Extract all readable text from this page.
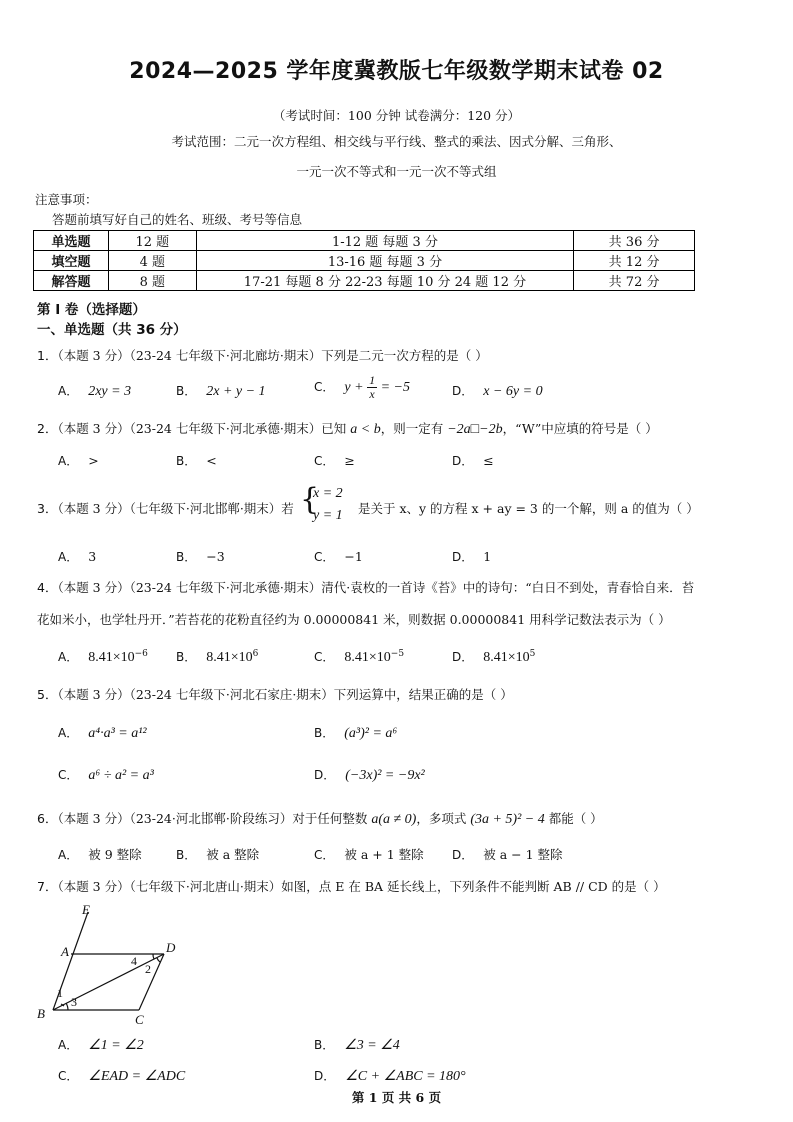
2024—2025 学年度冀教版七年级数学期末试卷 02
（考试时间：100 分钟 试卷满分：120 分）
考试范围：二元一次方程组、相交线与平行线、整式的乘法、因式分解、三角形、
一元一次不等式和一元一次不等式组
注意事项：
答题前填写好自己的姓名、班级、考号等信息
单选题	12 题	1-12 题 每题 3 分	共 36 分
填空题	4 题	13-16 题 每题 3 分	共 12 分
解答题	8 题	17-21 每题 8 分 22-23 每题 10 分 24 题 12 分	共 72 分
第 I 卷（选择题）
一、单选题（共 36 分）
1．（本题 3 分）（23-24 七年级下·河北廊坊·期末）下列是二元一次方程的是（ ）
A． 2xy = 3	B． 2x + y − 1	C． $y + \frac{1}{x} = -5$	D． x − 6y = 0
2．（本题 3 分）（23-24 七年级下·河北承德·期末）已知 a < b，则一定有 −2a□−2b，“W”中应填的符号是（ ）
A． >	B． <	C． ≥	D． ≤
3．（本题 3 分）（七年级下·河北邯郸·期末）若 {
x = 2
y = 1 是关于 x、y 的方程 x + ay = 3 的一个解，则 a 的值为（ ）
A． 3	B． −3	C． −1	D． 1
4．（本题 3 分）（23-24 七年级下·河北承德·期末）清代·袁枚的一首诗《苔》中的诗句：“白日不到处，青春恰自来．苔
花如米小，也学牡丹开．”若苔花的花粉直径约为 0.00000841 米，则数据 0.00000841 用科学记数法表示为（ ）
A． $8.41\times 10^{-6}$ B． $8.41\times 10^6$	C． $8.41\times 10^{-5}$	D． $8.41\times 10^5$
5．（本题 3 分）（23-24 七年级下·河北石家庄·期末）下列运算中，结果正确的是（ ）
A． a⁴·a³ = a¹²	B． (a³)² = a⁶
C． a⁶ ÷ a² = a³	D． (−3x)² = −9x²
6．（本题 3 分）（23-24·河北邯郸·阶段练习）对于任何整数 a(a ≠ 0)，多项式 (3a + 5)² − 4 都能（ ）
A． 被 9 整除	B． 被 a 整除	C． 被 a + 1 整除 D． 被 a − 1 整除
7．（本题 3 分）（七年级下·河北唐山·期末）如图，点 E 在 BA 延长线上，下列条件不能判断 AB // CD 的是（ ）
E
A	D
B	C
1
2
3
4
A． ∠1 = ∠2	B． ∠3 = ∠4
C． ∠EAD = ∠ADC	D． ∠C + ∠ABC = 180°
第 1 页 共 6 页
